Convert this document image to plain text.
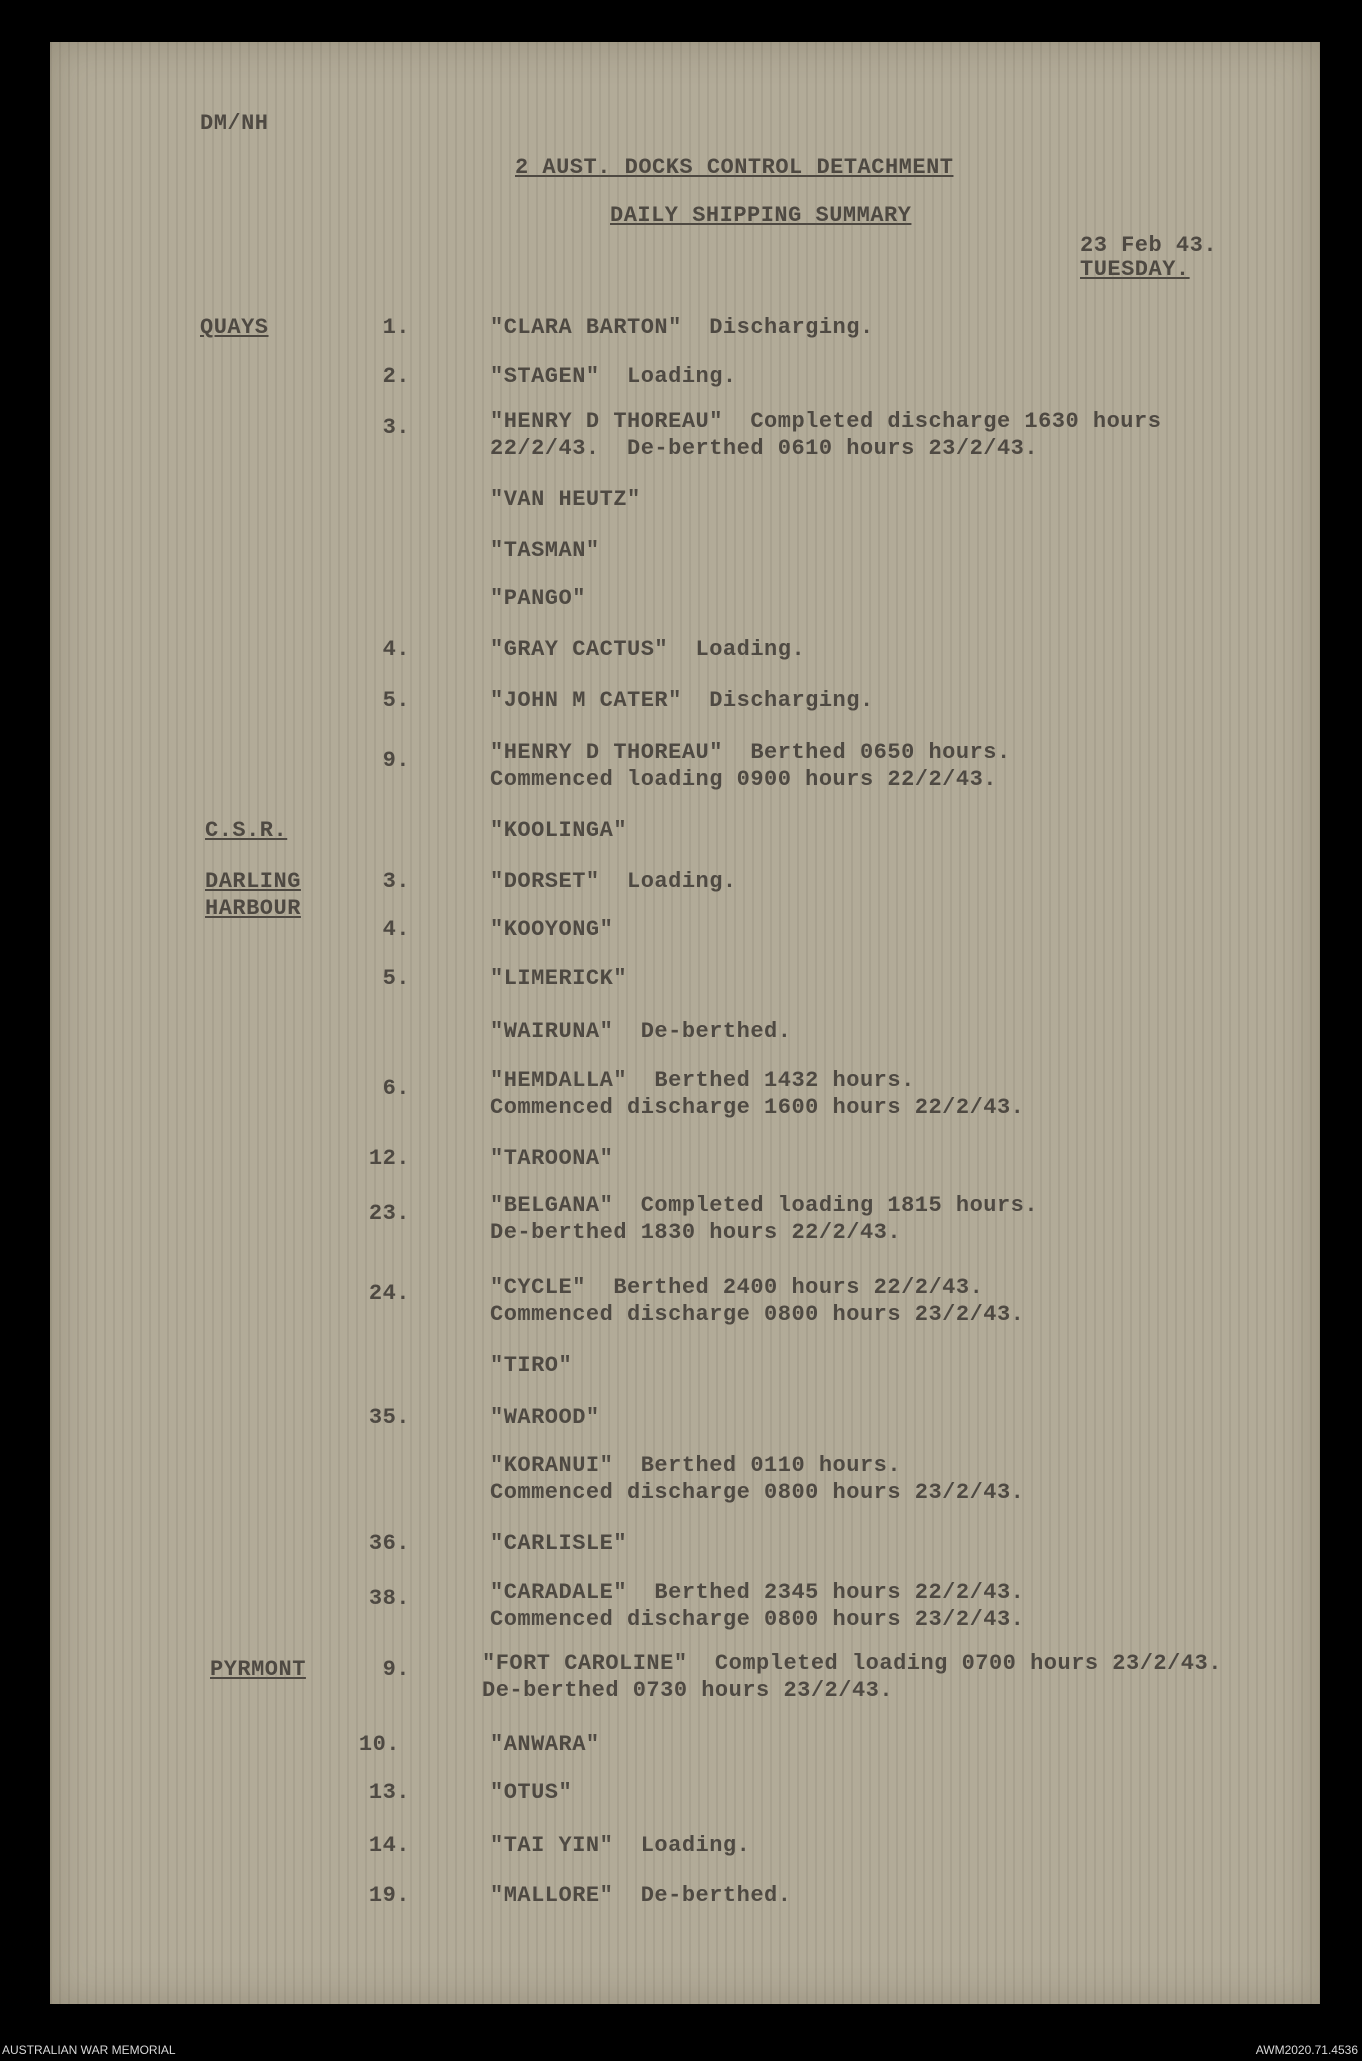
DM/NH
2 AUST. DOCKS CONTROL DETACHMENT
DAILY SHIPPING SUMMARY
23 Feb 43.
TUESDAY.
QUAYS	1.	"CLARA BARTON"  Discharging.
2.	"STAGEN"  Loading.
3.	"HENRY D THOREAU"  Completed discharge 1630 hours
22/2/43.  De-berthed 0610 hours 23/2/43.
"VAN HEUTZ"
"TASMAN"
"PANGO"
4.	"GRAY CACTUS"  Loading.
5.	"JOHN M CATER"  Discharging.
9.	"HENRY D THOREAU"  Berthed 0650 hours.
Commenced loading 0900 hours 22/2/43.
C.S.R.	"KOOLINGA"
DARLING HARBOUR
3.	"DORSET"  Loading.
4.	"KOOYONG"
5.	"LIMERICK"
"WAIRUNA"  De-berthed.
6.	"HEMDALLA"  Berthed 1432 hours.
Commenced discharge 1600 hours 22/2/43.
12.	"TAROONA"
23.	"BELGANA"  Completed loading 1815 hours.
De-berthed 1830 hours 22/2/43.
24.	"CYCLE"  Berthed 2400 hours 22/2/43.
Commenced discharge 0800 hours 23/2/43.
"TIRO"
35.	"WAROOD"
"KORANUI"  Berthed 0110 hours.
Commenced discharge 0800 hours 23/2/43.
36.	"CARLISLE"
38.	"CARADALE"  Berthed 2345 hours 22/2/43.
Commenced discharge 0800 hours 23/2/43.
PYRMONT	9.	"FORT CAROLINE"  Completed loading 0700 hours 23/2/43.
De-berthed 0730 hours 23/2/43.
10.	"ANWARA"
13.	"OTUS"
14.	"TAI YIN"  Loading.
19.	"MALLORE"  De-berthed.
AUSTRALIAN WAR MEMORIAL	AWM2020.71.4536
